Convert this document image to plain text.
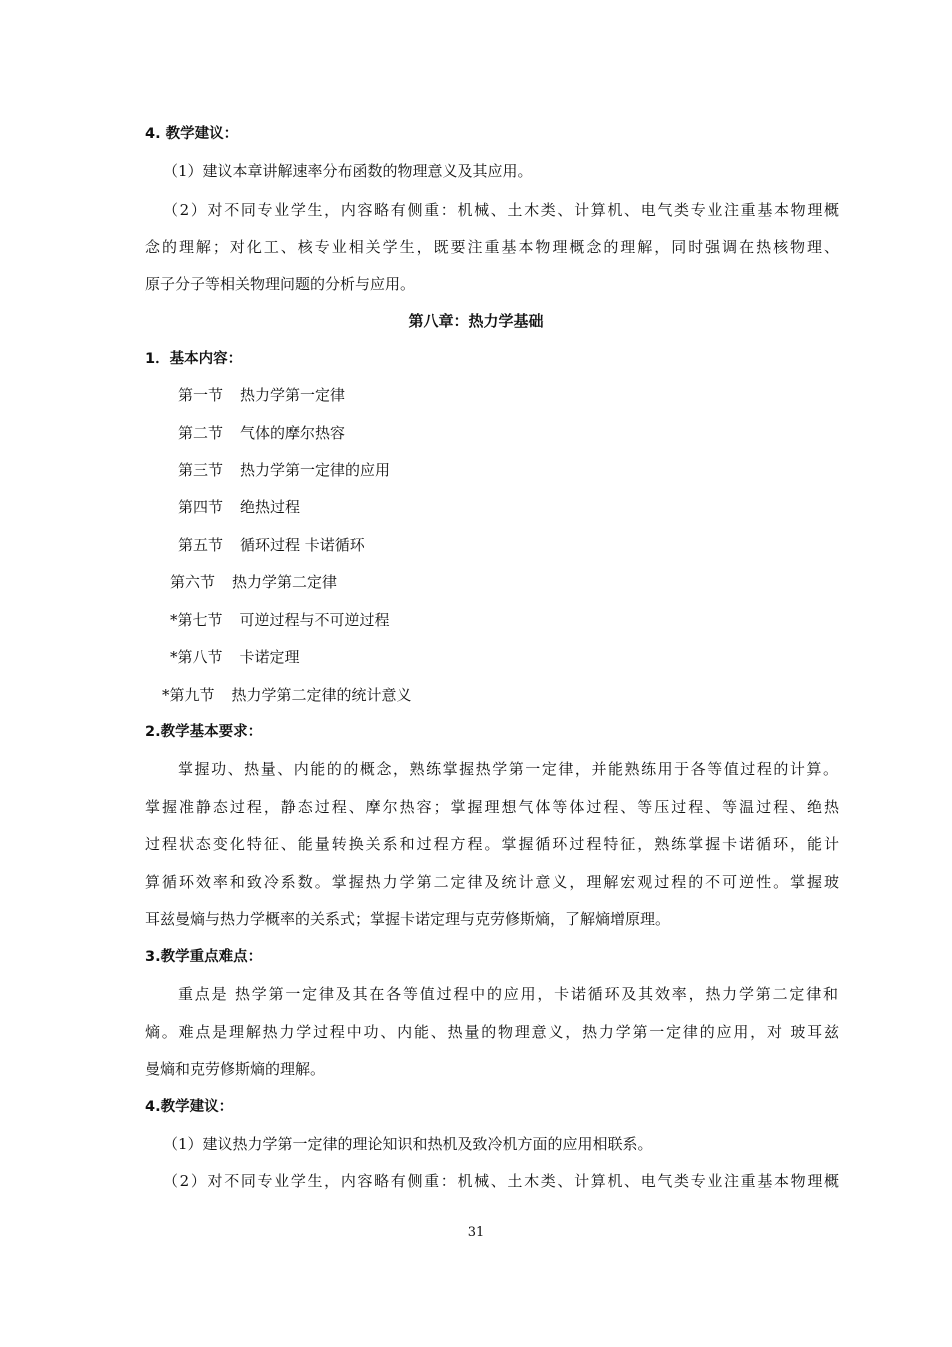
4. 教学建议：
（1）建议本章讲解速率分布函数的物理意义及其应用。
（2）对不同专业学生，内容略有侧重：机械、土木类、计算机、电气类专业注重基本物理概
念的理解；对化工、核专业相关学生，既要注重基本物理概念的理解，同时强调在热核物理、
原子分子等相关物理问题的分析与应用。
第八章：热力学基础
1．基本内容：
第一节 热力学第一定律
第二节 气体的摩尔热容
第三节 热力学第一定律的应用
第四节 绝热过程
第五节 循环过程 卡诺循环
第六节 热力学第二定律
*第七节 可逆过程与不可逆过程
*第八节 卡诺定理
*第九节 热力学第二定律的统计意义
2.教学基本要求：
掌握功、热量、内能的的概念，熟练掌握热学第一定律，并能熟练用于各等值过程的计算。
掌握准静态过程，静态过程、摩尔热容；掌握理想气体等体过程、等压过程、等温过程、绝热
过程状态变化特征、能量转换关系和过程方程。掌握循环过程特征，熟练掌握卡诺循环，能计
算循环效率和致冷系数。掌握热力学第二定律及统计意义，理解宏观过程的不可逆性。掌握玻
耳兹曼熵与热力学概率的关系式；掌握卡诺定理与克劳修斯熵，了解熵增原理。
3.教学重点难点：
重点是 热学第一定律及其在各等值过程中的应用，卡诺循环及其效率，热力学第二定律和
熵。难点是理解热力学过程中功、内能、热量的物理意义，热力学第一定律的应用，对 玻耳兹
曼熵和克劳修斯熵的理解。
4.教学建议：
（1）建议热力学第一定律的理论知识和热机及致冷机方面的应用相联系。
（2）对不同专业学生，内容略有侧重：机械、土木类、计算机、电气类专业注重基本物理概
31
